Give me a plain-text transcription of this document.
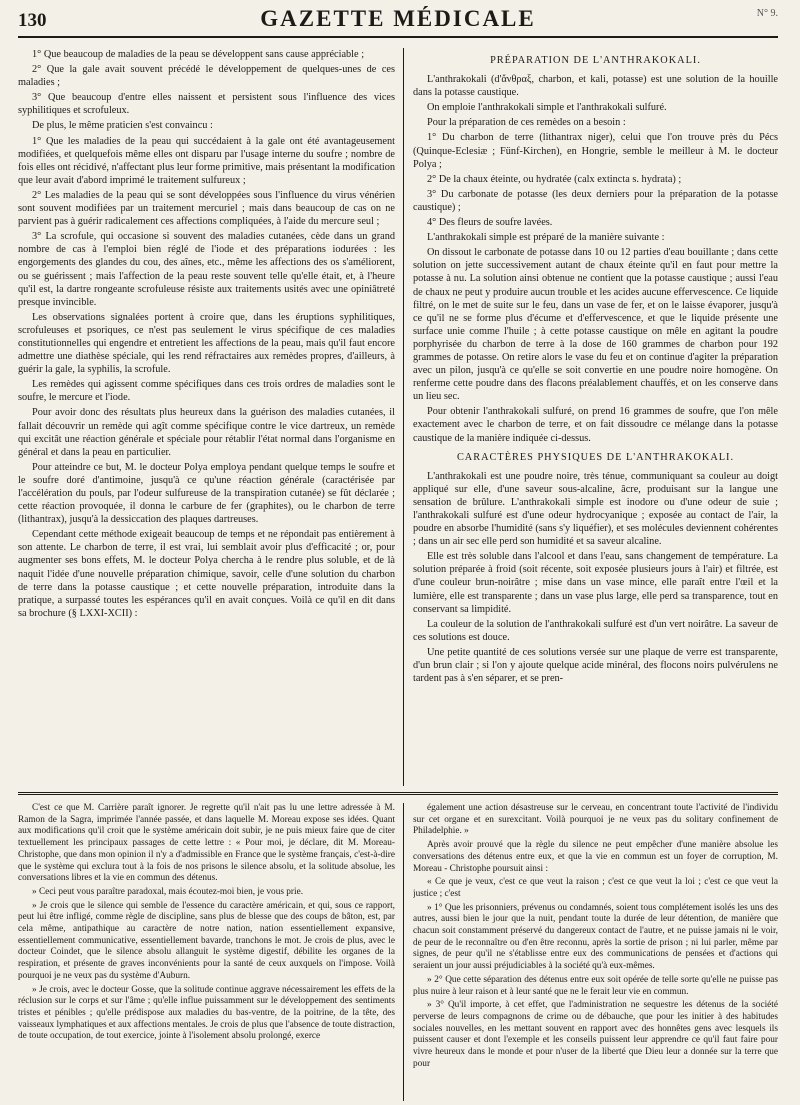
130	GAZETTE MÉDICALE	N° 9.

1° Que beaucoup de maladies de la peau se développent sans cause appréciable ;

2° Que la gale avait souvent précédé le développement de quelques-unes de ces maladies ;

3° Que beaucoup d'entre elles naissent et persistent sous l'influence des vices syphilitiques et scrofuleux.

De plus, le même praticien s'est convaincu :

1° Que les maladies de la peau qui succédaient à la gale ont été avantageusement modifiées, et quelquefois même elles ont disparu par l'usage interne du soufre ; nombre de fois elles ont récidivé, n'affectant plus leur forme primitive, mais présentant la modification que leur avait d'abord imprimé le traitement sulfureux ;

2° Les maladies de la peau qui se sont développées sous l'influence du virus vénérien sont souvent modifiées par un traitement mercuriel ; mais dans beaucoup de cas on ne parvient pas à guérir radicalement ces affections compliquées, à l'aide du mercure seul ;

3° La scrofule, qui occasione si souvent des maladies cutanées, cède dans un grand nombre de cas à l'emploi bien réglé de l'iode et des préparations iodurées : les engorgements des glandes du cou, des aînes, etc., même les affections des os s'améliorent, ou se guérissent ; mais l'affection de la peau reste souvent telle qu'elle était, et, à l'heure qu'il est, la dartre rongeante scrofuleuse résiste aux traitements usités avec une opiniâtreté presque invincible.

Les observations signalées portent à croire que, dans les éruptions syphilitiques, scrofuleuses et psoriques, ce n'est pas seulement le virus spécifique de ces maladies constitutionnelles qui engendre et entretient les affections de la peau, mais qu'il faut encore admettre une diathèse spéciale, qui les rend réfractaires aux remèdes propres, d'ailleurs, à guérir la gale, la syphilis, la scrofule.

Les remèdes qui agissent comme spécifiques dans ces trois ordres de maladies sont le soufre, le mercure et l'iode.

Pour avoir donc des résultats plus heureux dans la guérison des maladies cutanées, il fallait découvrir un remède qui agît comme spécifique contre le vice dartreux, un remède qui excitât une réaction générale et spéciale pour rétablir l'état normal dans l'organisme en général et dans la peau en particulier.

Pour atteindre ce but, M. le docteur Polya employa pendant quelque temps le soufre et le soufre doré d'antimoine, jusqu'à ce qu'une réaction générale (caractérisée par l'accélération du pouls, par l'odeur sulfureuse de la transpiration cutanée) se fût déclarée ; cette réaction provoquée, il donna le carbure de fer (graphites), ou le charbon de terre (lithantrax), jusqu'à la dessiccation des plaques dartreuses.

Cependant cette méthode exigeait beaucoup de temps et ne répondait pas entièrement à son attente. Le charbon de terre, il est vrai, lui semblait avoir plus d'efficacité ; or, pour augmenter ses bons effets, M. le docteur Polya chercha à le rendre plus soluble, et de là naquit l'idée d'une nouvelle préparation chimique, savoir, celle d'une solution du charbon de terre dans la potasse caustique ; et cette nouvelle préparation, introduite dans la pratique, a surpassé toutes les espérances qu'il en avait conçues. Voilà ce qu'il en dit dans sa brochure (§ LXXI-XCII) :

PRÉPARATION DE L'ANTHRAKOKALI.

L'anthrakokali (d'ἄνθραξ, charbon, et kali, potasse) est une solution de la houille dans la potasse caustique.

On emploie l'anthrakokali simple et l'anthrakokali sulfuré.

Pour la préparation de ces remèdes on a besoin :

1° Du charbon de terre (lithantrax niger), celui que l'on trouve près du Pécs (Quinque-Eclesiæ ; Fünf-Kirchen), en Hongrie, semble le meilleur à M. le docteur Polya ;

2° De la chaux éteinte, ou hydratée (calx extincta s. hydrata) ;

3° Du carbonate de potasse (les deux derniers pour la préparation de la potasse caustique) ;

4° Des fleurs de soufre lavées.

L'anthrakokali simple est préparé de la manière suivante :

On dissout le carbonate de potasse dans 10 ou 12 parties d'eau bouillante ; dans cette solution on jette successivement autant de chaux éteinte qu'il en faut pour mettre la potasse à nu. La solution ainsi obtenue ne contient que la potasse caustique ; aussi l'eau de chaux ne peut y produire aucun trouble et les acides aucune effervescence. Ce liquide filtré, on le met de suite sur le feu, dans un vase de fer, et on le laisse évaporer, jusqu'à ce qu'il ne se forme plus d'écume et d'effervescence, et que le liquide présente une surface unie comme l'huile ; à cette potasse caustique on mêle en agitant la poudre porphyrisée du charbon de terre à la dose de 160 grammes de charbon pour 192 grammes de potasse. On retire alors le vase du feu et on continue d'agiter la préparation avec un pilon, jusqu'à ce qu'elle se soit convertie en une poudre noire homogène. On renferme cette poudre dans des flacons préalablement chauffés, et on les conserve dans un lieu sec.

Pour obtenir l'anthrakokali sulfuré, on prend 16 grammes de soufre, que l'on mêle exactement avec le charbon de terre, et on fait dissoudre ce mélange dans la potasse caustique de la manière indiquée ci-dessus.

CARACTÈRES PHYSIQUES DE L'ANTHRAKOKALI.

L'anthrakokali est une poudre noire, très ténue, communiquant sa couleur au doigt appliqué sur elle, d'une saveur sous-alcaline, âcre, produisant sur la langue une sensation de brûlure. L'anthrakokali simple est inodore ou d'une odeur de suie ; l'anthrakokali sulfuré est d'une odeur hydrocyanique ; exposée au contact de l'air, la poudre en absorbe l'humidité (sans s'y liquéfier), et ses molécules deviennent cohérentes ; dans un air sec elle perd son humidité et sa saveur alcaline.

Elle est très soluble dans l'alcool et dans l'eau, sans changement de température. La solution préparée à froid (soit récente, soit exposée plusieurs jours à l'air) et filtrée, est d'une couleur brun-noirâtre ; mise dans un vase mince, elle paraît entre l'œil et la lumière, elle est transparente ; dans un vase plus large, elle perd sa transparence, tout en conservant sa limpidité.

La couleur de la solution de l'anthrakokali sulfuré est d'un vert noirâtre. La saveur de ces solutions est douce.

Une petite quantité de ces solutions versée sur une plaque de verre est transparente, d'un brun clair ; si l'on y ajoute quelque acide minéral, des flocons noirs pulvérulens ne tardent pas à s'en séparer, et se pren-

C'est ce que M. Carrière paraît ignorer. Je regrette qu'il n'ait pas lu une lettre adressée à M. Ramon de la Sagra, imprimée l'année passée, et dans laquelle M. Moreau expose ses idées. Quant aux modifications qu'il croit que le système américain doit subir, je ne puis mieux faire que de citer textuellement les principaux passages de cette lettre : « Pour moi, je déclare, dit M. Moreau-Christophe, que dans mon opinion il n'y a d'admissible en France que le système français, c'est-à-dire que le système qui exclura tout à la fois de nos prisons le silence absolu, et la solitude absolue, les conversations libres et la vie en commun des détenus.

» Ceci peut vous paraître paradoxal, mais écoutez-moi bien, je vous prie.

» Je crois que le silence qui semble de l'essence du caractère américain, et qui, sous ce rapport, peut lui être infligé, comme règle de discipline, sans plus de blesse que des coups de bâton, est, par cela même, antipathique au caractère de notre nation, nation essentiellement expansive, essentiellement communicative, essentiellement bavarde, tranchons le mot. Je crois de plus, avec le docteur Coindet, que le silence absolu allanguit le système digestif, débilite les organes de la respiration, et présente de graves inconvénients pour la santé de ceux auxquels on l'impose. Voilà pourquoi je ne veux pas du système d'Auburn.

» Je crois, avec le docteur Gosse, que la solitude continue aggrave nécessairement les effets de la réclusion sur le corps et sur l'âme ; qu'elle influe puissamment sur le développement des sentiments tristes et pénibles ; qu'elle prédispose aux maladies du bas-ventre, de la poitrine, de la tête, des vaisseaux lymphatiques et aux affections mentales. Je crois de plus que l'absence de toute distraction, de toute occupation, de tout exercice, jointe à l'isolement absolu prolongé, exerce

également une action désastreuse sur le cerveau, en concentrant toute l'activité de l'individu sur cet organe et en surexcitant. Voilà pourquoi je ne veux pas du solitary confinement de Philadelphie. »

Après avoir prouvé que la règle du silence ne peut empêcher d'une manière absolue les conversations des détenus entre eux, et que la vie en commun est un foyer de corruption, M. Moreau - Christophe poursuit ainsi :

« Ce que je veux, c'est ce que veut la raison ; c'est ce que veut la loi ; c'est ce que veut la justice ; c'est

» 1° Que les prisonniers, prévenus ou condamnés, soient tous complétement isolés les uns des autres, aussi bien le jour que la nuit, pendant toute la durée de leur détention, de manière que chacun soit constamment préservé du dangereux contact de l'autre, et ne puisse jamais ni le voir, de peur de le reconnaître ou d'en être reconnu, après la sortie de prison ; ni lui parler, même par signes, de peur qu'il ne s'établisse entre eux des communications de pensées et d'actions qui seraient un jour aussi préjudiciables à la société qu'à eux-mêmes.

» 2° Que cette séparation des détenus entre eux soit opérée de telle sorte qu'elle ne puisse pas plus nuire à leur raison et à leur santé que ne le ferait leur vie en commun.

» 3° Qu'il importe, à cet effet, que l'administration ne sequestre les détenus de la société perverse de leurs compagnons de crime ou de débauche, que pour les initier à des habitudes sociales nouvelles, en les mettant souvent en rapport avec des honnêtes gens avec lesquels ils puissent causer et dont l'exemple et les conseils puissent leur apprendre ce qu'il faut faire pour vivre heureux dans le monde et pour n'user de la liberté que Dieu leur a donnée sur la terre que pour
